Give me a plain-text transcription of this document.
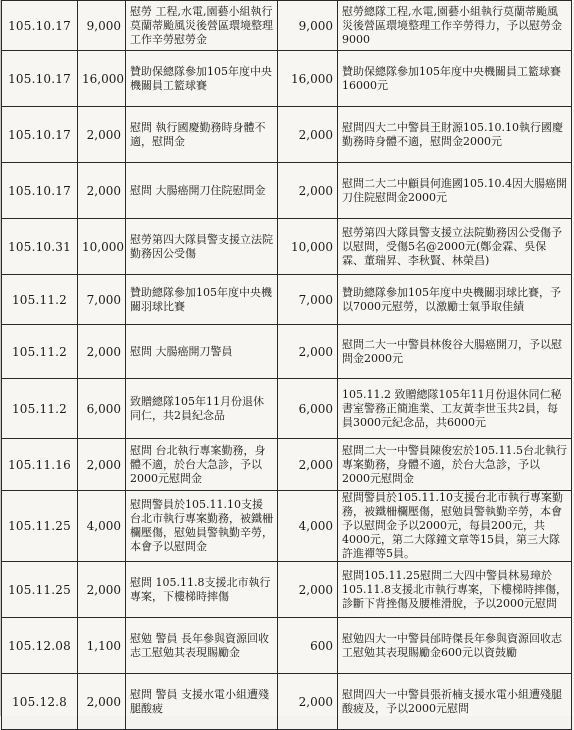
105.10.17	9,000	慰勞 工程,水電,園藝小組執行莫蘭蒂颱風災後營區環境整理工作辛勞慰勞金	9,000	慰勞總隊工程,水電,園藝小組執行莫蘭蒂颱風災後營區環境整理工作辛勞得力，予以慰勞金9000
105.10.17	16,000	贊助保總隊參加105年度中央機關員工籃球賽	16,000	贊助保總隊參加105年度中央機關員工籃球賽16000元
105.10.17	2,000	慰問 執行國慶勤務時身體不適，慰問金	2,000	慰問四大二中警員王財源105.10.10執行國慶勤務時身體不適，慰問金2000元
105.10.17	2,000	慰問 大腸癌開刀住院慰問金	2,000	慰問二大二中顧員何進國105.10.4因大腸癌開刀住院慰問金2000元
105.10.31	10,000	慰勞第四大隊員警支援立法院勤務因公受傷	10,000	慰勞第四大隊員警支援立法院勤務因公受傷予以慰問，受傷5名@2000元(鄭金霖、吳保霖、董瑞昇、李秋賢、林榮昌)
105.11.2	7,000	贊助總隊參加105年度中央機關羽球比賽	7,000	贊助總隊參加105年度中央機關羽球比賽，予以7000元慰勞，以激勵士氣爭取佳績
105.11.2	2,000	慰問 大腸癌開刀警員	2,000	慰問二大一中警員林俊谷大腸癌開刀，予以慰問金2000元
105.11.2	6,000	致贈總隊105年11月份退休同仁，共2員紀念品	6,000	105.11.2 致贈總隊105年11月份退休同仁秘書室警務正簡進業、工友黃李世玉共2員，每員3000元紀念品，共6000元
105.11.16	2,000	慰問 台北執行專案勤務，身體不適，於台大急診，予以2000元慰問金	2,000	慰問二大一中警員陳俊宏於105.11.5台北執行專案勤務，身體不適，於台大急診，予以2000元慰問金
105.11.25	4,000	慰問警員於105.11.10支援台北市執行專案勤務，被鐵柵欄壓傷，慰勉員警執勤辛勞，本會予以慰問金	4,000	慰問警員於105.11.10支援台北市執行專案勤務，被鐵柵欄壓傷，慰勉員警執勤辛勞，本會予以慰問金予以2000元，每員200元，共4000元，第二大隊鐘文章等15員，第三大隊許進禪等5員。
105.11.25	2,000	慰問 105.11.8支援北市執行專案，下樓梯時摔傷	2,000	慰問105.11.25慰問二大四中警員林易璋於105.11.8支援北市執行專案，下樓梯時摔傷，診斷下背挫傷及腰椎滑脫，予以2000元慰問
105.12.08	1,100	慰勉 警員 長年參與資源回收志工慰勉其表現賜勵金	600	慰勉四大一中警員邰時傑長年參與資源回收志工慰勉其表現賜勵金600元以資鼓勵
105.12.8	2,000	慰問 警員 支援水電小組遭殘腿酸疲	2,000	慰問四大一中警員張祈楠支援水電小組遭殘腿酸疲及，予以2000元慰問
